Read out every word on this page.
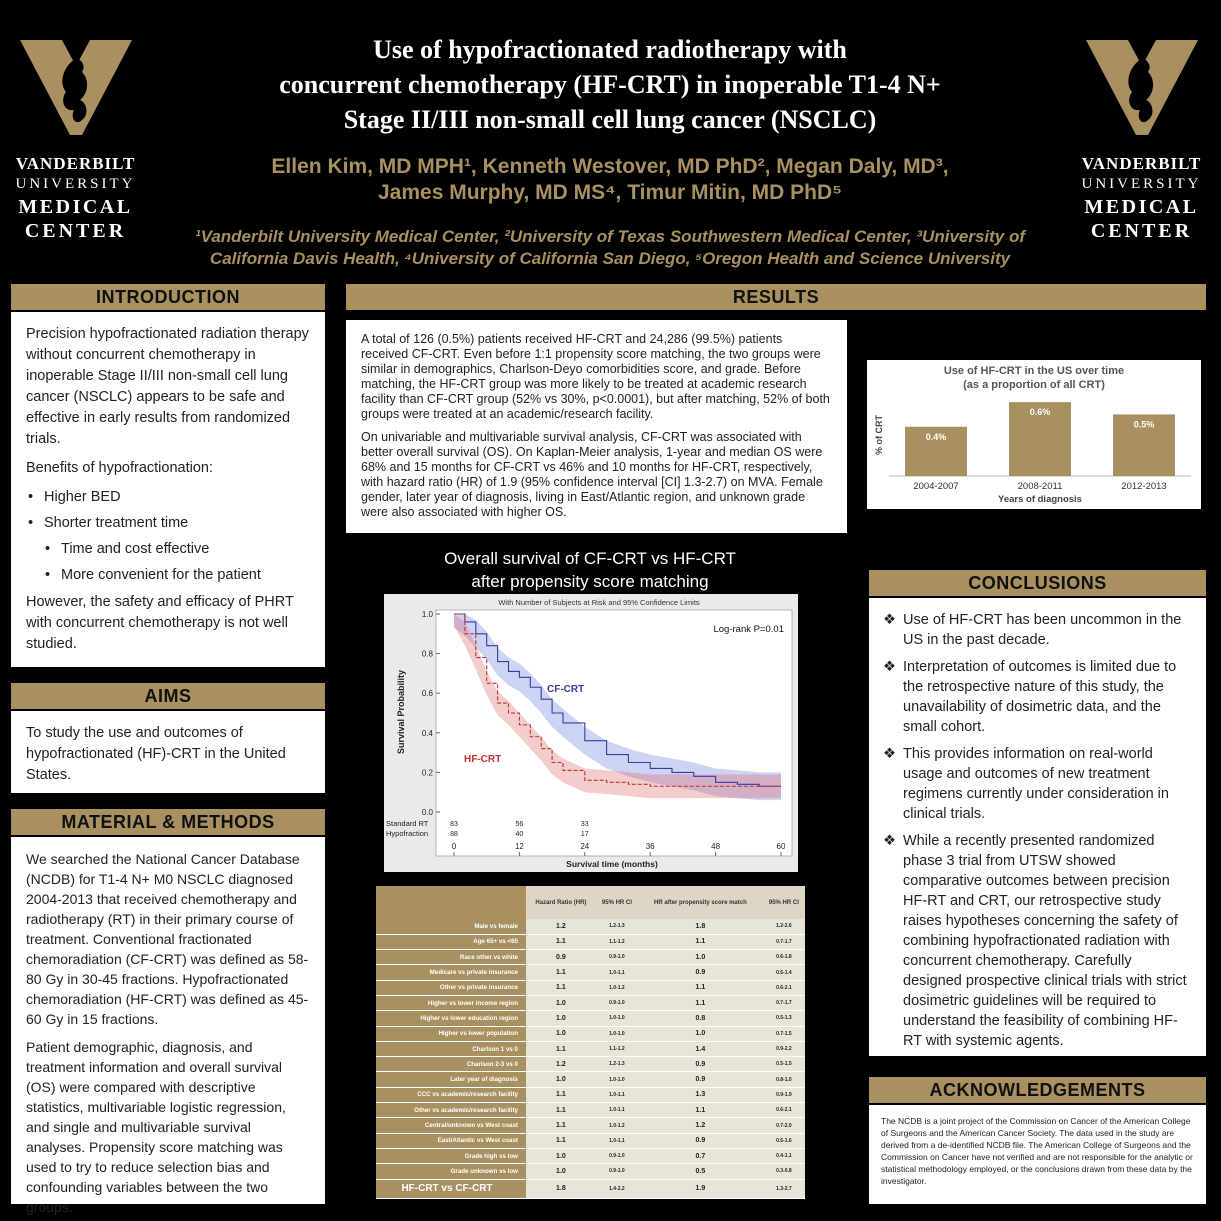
VANDERBILT
UNIVERSITY
MEDICAL
CENTER
VANDERBILT
UNIVERSITY
MEDICAL
CENTER
Use of hypofractionated radiotherapy with
concurrent chemotherapy (HF-CRT) in inoperable T1-4 N+
Stage II/III non-small cell lung cancer (NSCLC)
Ellen Kim, MD MPH¹, Kenneth Westover, MD PhD², Megan Daly, MD³,
James Murphy, MD MS⁴, Timur Mitin, MD PhD⁵
¹Vanderbilt University Medical Center, ²University of Texas Southwestern Medical Center, ³University of
California Davis Health, ⁴University of California San Diego, ⁵Oregon Health and Science University
INTRODUCTION

Precision hypofractionated radiation therapy without concurrent chemotherapy in inoperable Stage II/III non-small cell lung cancer (NSCLC) appears to be safe and effective in early results from randomized trials.

Benefits of hypofractionation:

• Higher BED
• Shorter treatment time
• Time and cost effective
• More convenient for the patient

However, the safety and efficacy of PHRT with concurrent chemotherapy is not well studied.

AIMS

To study the use and outcomes of hypofractionated (HF)-CRT in the United States.

MATERIAL & METHODS

We searched the National Cancer Database (NCDB) for T1-4 N+ M0 NSCLC diagnosed 2004-2013 that received chemotherapy and radiotherapy (RT) in their primary course of treatment. Conventional fractionated chemoradiation (CF-CRT) was defined as 58-80 Gy in 30-45 fractions. Hypofractionated chemoradiation (HF-CRT) was defined as 45-60 Gy in 15 fractions.

Patient demographic, diagnosis, and treatment information and overall survival (OS) were compared with descriptive statistics, multivariable logistic regression, and single and multivariable survival analyses. Propensity score matching was used to try to reduce selection bias and confounding variables between the two groups.

RESULTS

A total of 126 (0.5%) patients received HF-CRT and 24,286 (99.5%) patients received CF-CRT. Even before 1:1 propensity score matching, the two groups were similar in demographics, Charlson-Deyo comorbidities score, and grade. Before matching, the HF-CRT group was more likely to be treated at academic research facility than CF-CRT group (52% vs 30%, p<0.0001), but after matching, 52% of both groups were treated at an academic/research facility.

On univariable and multivariable survival analysis, CF-CRT was associated with better overall survival (OS). On Kaplan-Meier analysis, 1-year and median OS were 68% and 15 months for CF-CRT vs 46% and 10 months for HF-CRT, respectively, with hazard ratio (HR) of 1.9 (95% confidence interval [CI] 1.3-2.7) on MVA. Female gender, later year of diagnosis, living in East/Atlantic region, and unknown grade were also associated with higher OS.

Use of HF-CRT in the US over time
(as a proportion of all CRT)
% of CRT
Years of diagnosis
0.4%
2004-2007
0.6%
2008-2011
0.5%
2012-2013
Overall survival of CF-CRT vs HF-CRT
after propensity score matching
With Number of Subjects at Risk and 95% Confidence Limits
Survival Probability
Survival time (months)
Log-rank P=0.01
CF-CRT
HF-CRT
Standard RT
Hypofraction
0.0
0.2
0.4
0.6
0.8
1.0
0	12	24	36	48	60
83
88
56
40
33
17
	Hazard Ratio (HR)	95% HR CI	HR after propensity score match	95% HR CI
Male vs female	1.2	1.2-1.3	1.8	1.2-2.6
Age 65+ vs <65	1.1	1.1-1.2	1.1	0.7-1.7
Race other vs white	0.9	0.9-1.0	1.0	0.6-1.8
Medicare vs private insurance	1.1	1.0-1.1	0.9	0.5-1.4
Other vs private insurance	1.1	1.0-1.2	1.1	0.6-2.1
Higher vs lower income region	1.0	0.9-1.0	1.1	0.7-1.7
Higher vs lower education region	1.0	1.0-1.0	0.8	0.5-1.3
Higher vs lower population	1.0	1.0-1.0	1.0	0.7-1.5
Charlson 1 vs 0	1.1	1.1-1.2	1.4	0.9-2.2
Charlson 2-3 vs 0	1.2	1.2-1.3	0.9	0.5-1.5
Later year of diagnosis	1.0	1.0-1.0	0.9	0.8-1.0
CCC vs academic/research facility	1.1	1.0-1.1	1.3	0.9-1.9
Other vs academic/research facility	1.1	1.0-1.1	1.1	0.6-2.1
Central/unknown vs West coast	1.1	1.0-1.2	1.2	0.7-2.0
East/Atlantic vs West coast	1.1	1.0-1.1	0.9	0.5-1.6
Grade high vs low	1.0	0.9-1.0	0.7	0.4-1.1
Grade unknown vs low	1.0	0.9-1.0	0.5	0.3-0.8
HF-CRT vs CF-CRT	1.8	1.4-2.2	1.9	1.3-2.7
CONCLUSIONS
❖ Use of HF-CRT has been uncommon in the US in the past decade.
❖ Interpretation of outcomes is limited due to the retrospective nature of this study, the unavailability of dosimetric data, and the small cohort.
❖ This provides information on real-world usage and outcomes of new treatment regimens currently under consideration in clinical trials.
❖ While a recently presented randomized phase 3 trial from UTSW showed comparative outcomes between precision HF-RT and CRT, our retrospective study raises hypotheses concerning the safety of combining hypofractionated radiation with concurrent chemotherapy. Carefully designed prospective clinical trials with strict dosimetric guidelines will be required to understand the feasibility of combining HF-RT with systemic agents.
ACKNOWLEDGEMENTS

The NCDB is a joint project of the Commission on Cancer of the American College of Surgeons and the American Cancer Society. The data used in the study are derived from a de-identified NCDB file. The American College of Surgeons and the Commission on Cancer have not verified and are not responsible for the analytic or statistical methodology employed, or the conclusions drawn from these data by the investigator.
